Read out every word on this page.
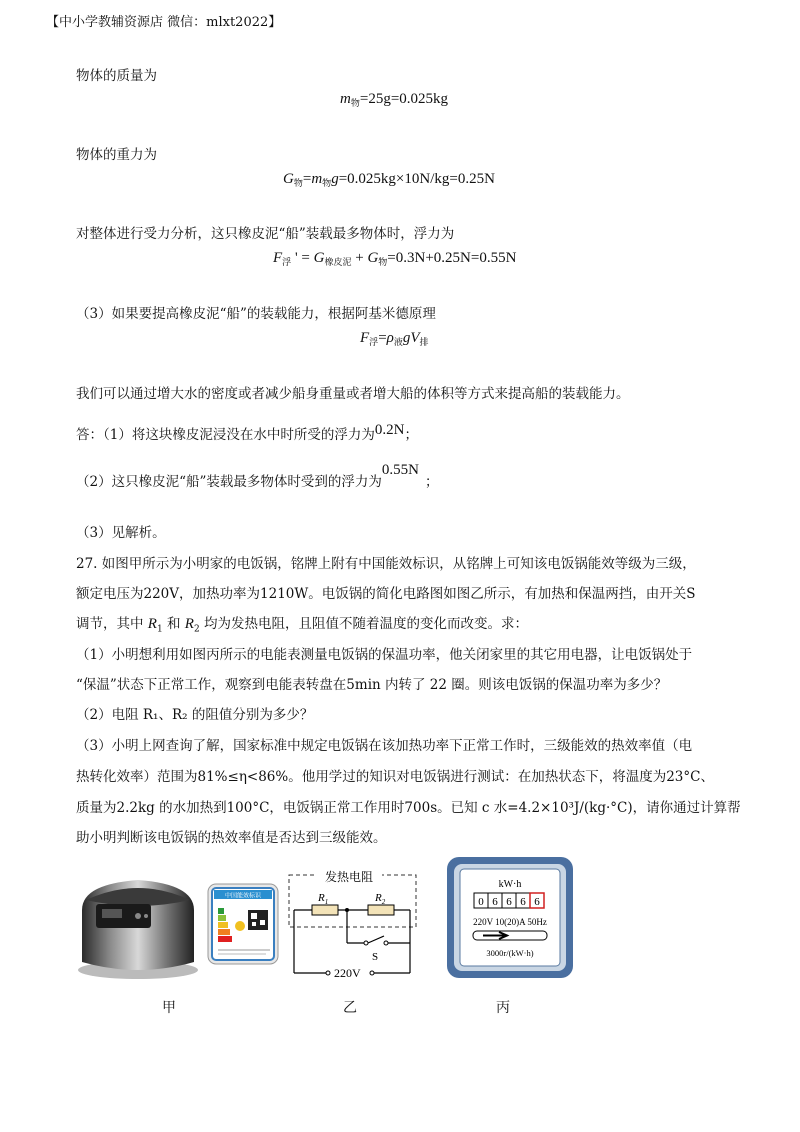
【中小学教辅资源店 微信：mlxt2022】
物体的质量为
$m_物=25g=0.025kg$
物体的重力为
$G_物=m_物g=0.025kg\times 10N/kg=0.25N$
对整体进行受力分析，这只橡皮泥“船”装载最多物体时，浮力为
$F_浮$ ' = $G_{橡皮泥} + G_物=0.3N+0.25N=0.55N$
（3）如果要提高橡皮泥“船”的装载能力，根据阿基米德原理
$F_浮=\rho_液gV_排$
我们可以通过增大水的密度或者减少船身重量或者增大船的体积等方式来提高船的装载能力。
答：（1）将这块橡皮泥浸没在水中时所受的浮力为0.2N；
（2）这只橡皮泥“船”装载最多物体时受到的浮力为0.55N；
（3）见解析。
27. 如图甲所示为小明家的电饭锅，铭牌上附有中国能效标识，从铭牌上可知该电饭锅能效等级为三级，
额定电压为220V，加热功率为1210W。电饭锅的简化电路图如图乙所示，有加热和保温两挡，由开关S
调节，其中 $R_1$ 和 $R_2$ 均为发热电阻，且阻值不随着温度的变化而改变。求：
（1）小明想利用如图丙所示的电能表测量电饭锅的保温功率，他关闭家里的其它用电器，让电饭锅处于
“保温”状态下正常工作，观察到电能表转盘在5min 内转了 22 圈。则该电饭锅的保温功率为多少？
（2）电阻 R₁、R₂ 的阻值分别为多少？
（3）小明上网查询了解，国家标准中规定电饭锅在该加热功率下正常工作时，三级能效的热效率值（电
热转化效率）范围为81%≤η<86%。他用学过的知识对电饭锅进行测试：在加热状态下，将温度为23°C、
质量为2.2kg 的水加热到100°C，电饭锅正常工作用时700s。已知 c 水=4.2×10³J/(kg·°C)，请你通过计算帮
助小明判断该电饭锅的热效率值是否达到三级能效。
中国能效标识
甲
发热电阻
$R_1$	$R_2$
S
220V
乙
kW·h
0 6 6 6 6
220V 10(20)A 50Hz
3000r/(kW·h)
丙
